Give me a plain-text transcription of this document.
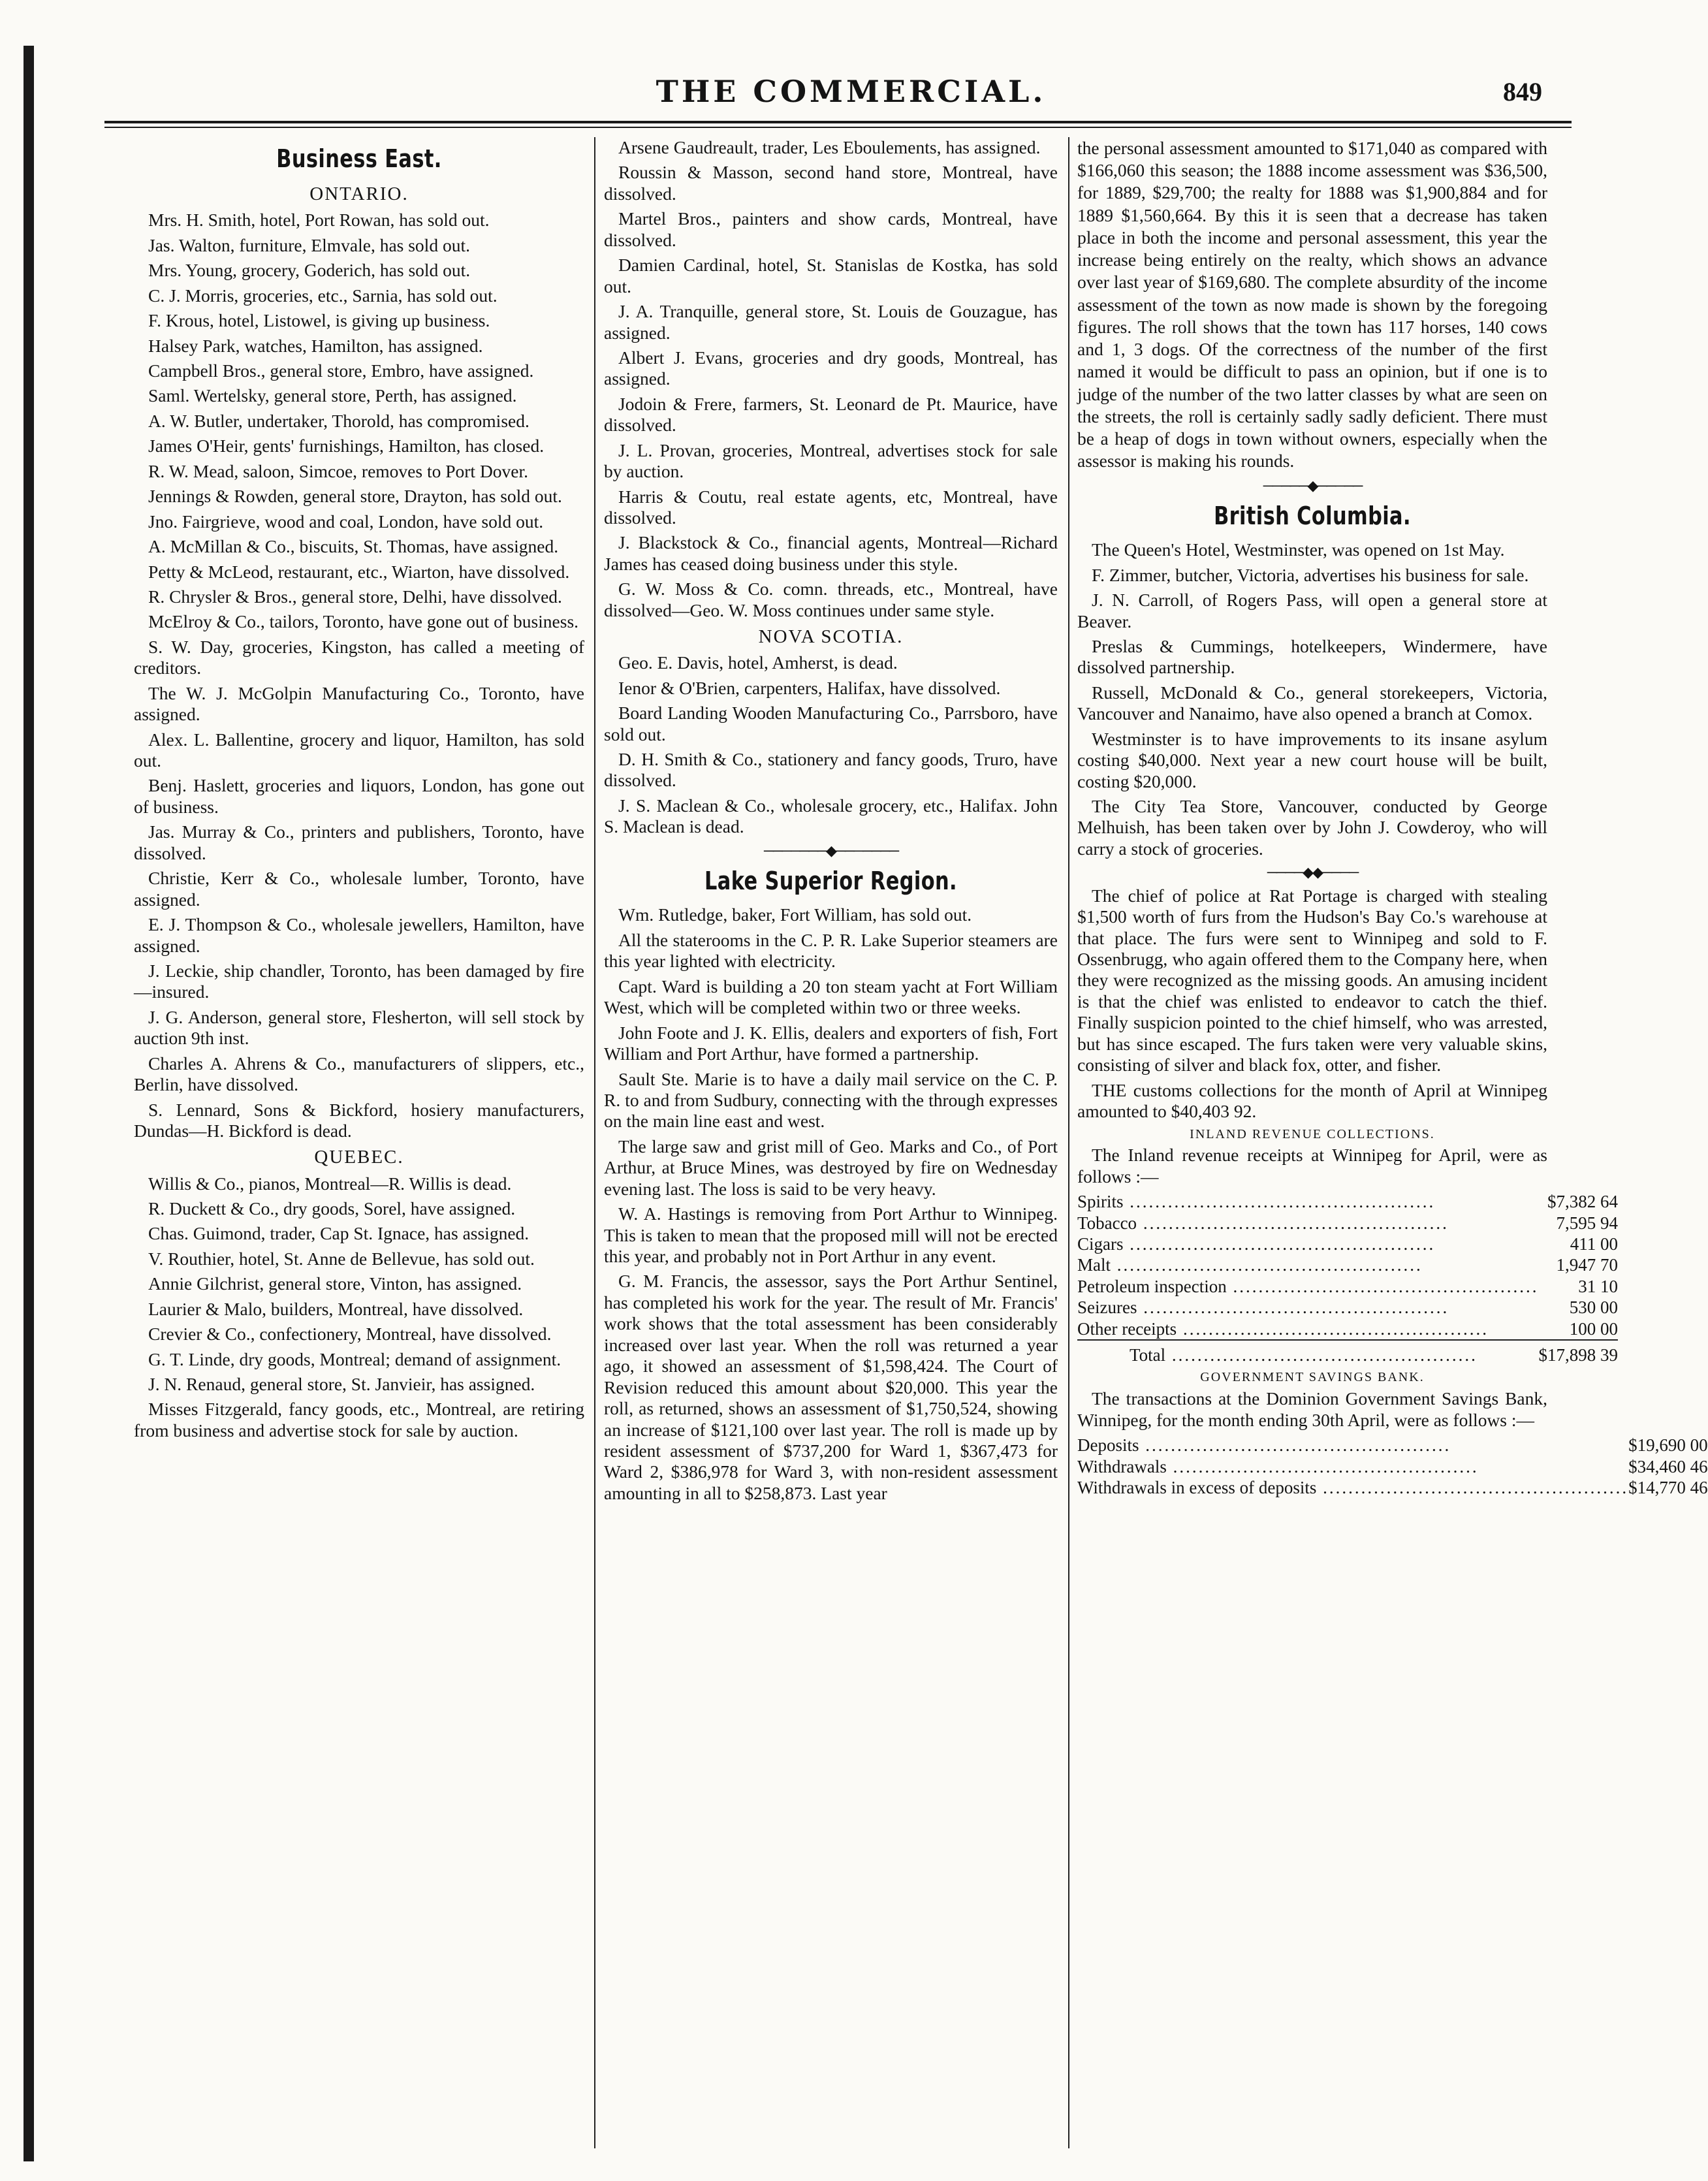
THE COMMERCIAL.	849
Business East.
ONTARIO.

Mrs. H. Smith, hotel, Port Rowan, has sold out.

Jas. Walton, furniture, Elmvale, has sold out.

Mrs. Young, grocery, Goderich, has sold out.

C. J. Morris, groceries, etc., Sarnia, has sold out.

F. Krous, hotel, Listowel, is giving up business.

Halsey Park, watches, Hamilton, has assigned.

Campbell Bros., general store, Embro, have assigned.

Saml. Wertelsky, general store, Perth, has assigned.

A. W. Butler, undertaker, Thorold, has compromised.

James O'Heir, gents' furnishings, Hamilton, has closed.

R. W. Mead, saloon, Simcoe, removes to Port Dover.

Jennings & Rowden, general store, Drayton, has sold out.

Jno. Fairgrieve, wood and coal, London, have sold out.

A. McMillan & Co., biscuits, St. Thomas, have assigned.

Petty & McLeod, restaurant, etc., Wiarton, have dissolved.

R. Chrysler & Bros., general store, Delhi, have dissolved.

McElroy & Co., tailors, Toronto, have gone out of business.

S. W. Day, groceries, Kingston, has called a meeting of creditors.

The W. J. McGolpin Manufacturing Co., Toronto, have assigned.

Alex. L. Ballentine, grocery and liquor, Hamilton, has sold out.

Benj. Haslett, groceries and liquors, London, has gone out of business.

Jas. Murray & Co., printers and publishers, Toronto, have dissolved.

Christie, Kerr & Co., wholesale lumber, Toronto, have assigned.

E. J. Thompson & Co., wholesale jewellers, Hamilton, have assigned.

J. Leckie, ship chandler, Toronto, has been damaged by fire—insured.

J. G. Anderson, general store, Flesherton, will sell stock by auction 9th inst.

Charles A. Ahrens & Co., manufacturers of slippers, etc., Berlin, have dissolved.

S. Lennard, Sons & Bickford, hosiery manufacturers, Dundas—H. Bickford is dead.

QUEBEC.

Willis & Co., pianos, Montreal—R. Willis is dead.

R. Duckett & Co., dry goods, Sorel, have assigned.

Chas. Guimond, trader, Cap St. Ignace, has assigned.

V. Routhier, hotel, St. Anne de Bellevue, has sold out.

Annie Gilchrist, general store, Vinton, has assigned.

Laurier & Malo, builders, Montreal, have dissolved.

Crevier & Co., confectionery, Montreal, have dissolved.

G. T. Linde, dry goods, Montreal; demand of assignment.

J. N. Renaud, general store, St. Janvieir, has assigned.

Misses Fitzgerald, fancy goods, etc., Montreal, are retiring from business and advertise stock for sale by auction.

Arsene Gaudreault, trader, Les Eboulements, has assigned.

Roussin & Masson, second hand store, Montreal, have dissolved.

Martel Bros., painters and show cards, Montreal, have dissolved.

Damien Cardinal, hotel, St. Stanislas de Kostka, has sold out.

J. A. Tranquille, general store, St. Louis de Gouzague, has assigned.

Albert J. Evans, groceries and dry goods, Montreal, has assigned.

Jodoin & Frere, farmers, St. Leonard de Pt. Maurice, have dissolved.

J. L. Provan, groceries, Montreal, advertises stock for sale by auction.

Harris & Coutu, real estate agents, etc, Montreal, have dissolved.

J. Blackstock & Co., financial agents, Montreal—Richard James has ceased doing business under this style.

G. W. Moss & Co. comn. threads, etc., Montreal, have dissolved—Geo. W. Moss continues under same style.

NOVA SCOTIA.

Geo. E. Davis, hotel, Amherst, is dead.

Ienor & O'Brien, carpenters, Halifax, have dissolved.

Board Landing Wooden Manufacturing Co., Parrsboro, have sold out.

D. H. Smith & Co., stationery and fancy goods, Truro, have dissolved.

J. S. Maclean & Co., wholesale grocery, etc., Halifax. John S. Maclean is dead.

───────◆───────
Lake Superior Region.

Wm. Rutledge, baker, Fort William, has sold out.

All the staterooms in the C. P. R. Lake Superior steamers are this year lighted with electricity.

Capt. Ward is building a 20 ton steam yacht at Fort William West, which will be completed within two or three weeks.

John Foote and J. K. Ellis, dealers and exporters of fish, Fort William and Port Arthur, have formed a partnership.

Sault Ste. Marie is to have a daily mail service on the C. P. R. to and from Sudbury, connecting with the through expresses on the main line east and west.

The large saw and grist mill of Geo. Marks and Co., of Port Arthur, at Bruce Mines, was destroyed by fire on Wednesday evening last. The loss is said to be very heavy.

W. A. Hastings is removing from Port Arthur to Winnipeg. This is taken to mean that the proposed mill will not be erected this year, and probably not in Port Arthur in any event.

G. M. Francis, the assessor, says the Port Arthur Sentinel, has completed his work for the year. The result of Mr. Francis' work shows that the total assessment has been considerably increased over last year. When the roll was returned a year ago, it showed an assessment of $1,598,424. The Court of Revision reduced this amount about $20,000. This year the roll, as returned, shows an assessment of $1,750,524, showing an increase of $121,100 over last year. The roll is made up by resident assessment of $737,200 for Ward 1, $367,473 for Ward 2, $386,978 for Ward 3, with non-resident assessment amounting in all to $258,873. Last year

the personal assessment amounted to $171,040 as compared with $166,060 this season; the 1888 income assessment was $36,500, for 1889, $29,700; the realty for 1888 was $1,900,884 and for 1889 $1,560,664. By this it is seen that a decrease has taken place in both the income and personal assessment, this year the increase being entirely on the realty, which shows an advance over last year of $169,680. The complete absurdity of the income assessment of the town as now made is shown by the foregoing figures. The roll shows that the town has 117 horses, 140 cows and 1, 3 dogs. Of the correctness of the number of the first named it would be difficult to pass an opinion, but if one is to judge of the number of the two latter classes by what are seen on the streets, the roll is certainly sadly sadly deficient. There must be a heap of dogs in town without owners, especially when the assessor is making his rounds.

─────◆─────
British Columbia.

The Queen's Hotel, Westminster, was opened on 1st May.

F. Zimmer, butcher, Victoria, advertises his business for sale.

J. N. Carroll, of Rogers Pass, will open a general store at Beaver.

Preslas & Cummings, hotelkeepers, Windermere, have dissolved partnership.

Russell, McDonald & Co., general storekeepers, Victoria, Vancouver and Nanaimo, have also opened a branch at Comox.

Westminster is to have improvements to its insane asylum costing $40,000. Next year a new court house will be built, costing $20,000.

The City Tea Store, Vancouver, conducted by George Melhuish, has been taken over by John J. Cowderoy, who will carry a stock of groceries.

────◆◆────

The chief of police at Rat Portage is charged with stealing $1,500 worth of furs from the Hudson's Bay Co.'s warehouse at that place. The furs were sent to Winnipeg and sold to F. Ossenbrugg, who again offered them to the Company here, when they were recognized as the missing goods. An amusing incident is that the chief was enlisted to endeavor to catch the thief. Finally suspicion pointed to the chief himself, who was arrested, but has since escaped. The furs taken were very valuable skins, consisting of silver and black fox, otter, and fisher.

THE customs collections for the month of April at Winnipeg amounted to $40,403 92.

INLAND REVENUE COLLECTIONS.

The Inland revenue receipts at Winnipeg for April, were as follows :—

Spirits .....	$7,382 64
Tobacco .....	7,595 94
Cigars .....	411 00
Malt .....	1,947 70
Petroleum inspection .....	31 10
Seizures .....	530 00
Other receipts .....	100 00
Total .....	$17,898 39
GOVERNMENT SAVINGS BANK.

The transactions at the Dominion Government Savings Bank, Winnipeg, for the month ending 30th April, were as follows :—

Deposits .....	$19,690 00
Withdrawals .....	$34,460 46
Withdrawals in excess of deposits .....	$14,770 46
